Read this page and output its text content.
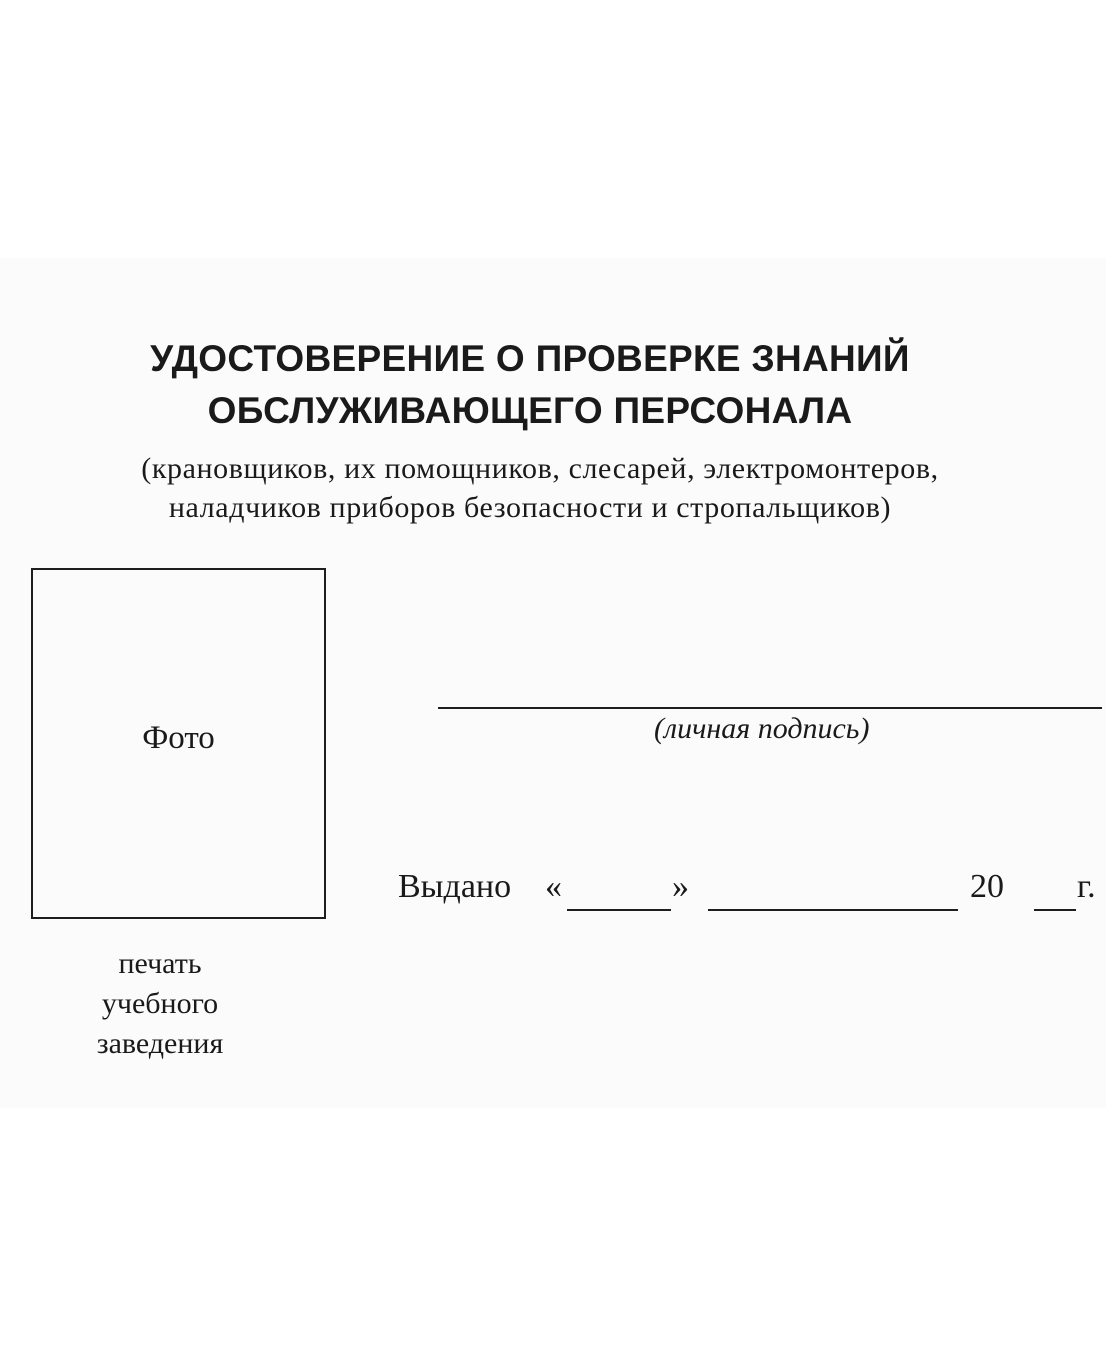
УДОСТОВЕРЕНИЕ О ПРОВЕРКЕ ЗНАНИЙ
ОБСЛУЖИВАЮЩЕГО ПЕРСОНАЛА
(крановщиков, их помощников, слесарей, электромонтеров,
наладчиков приборов безопасности и стропальщиков)
Фото
печать
учебного
заведения
(личная подпись)
Выдано «	»	20 г.
